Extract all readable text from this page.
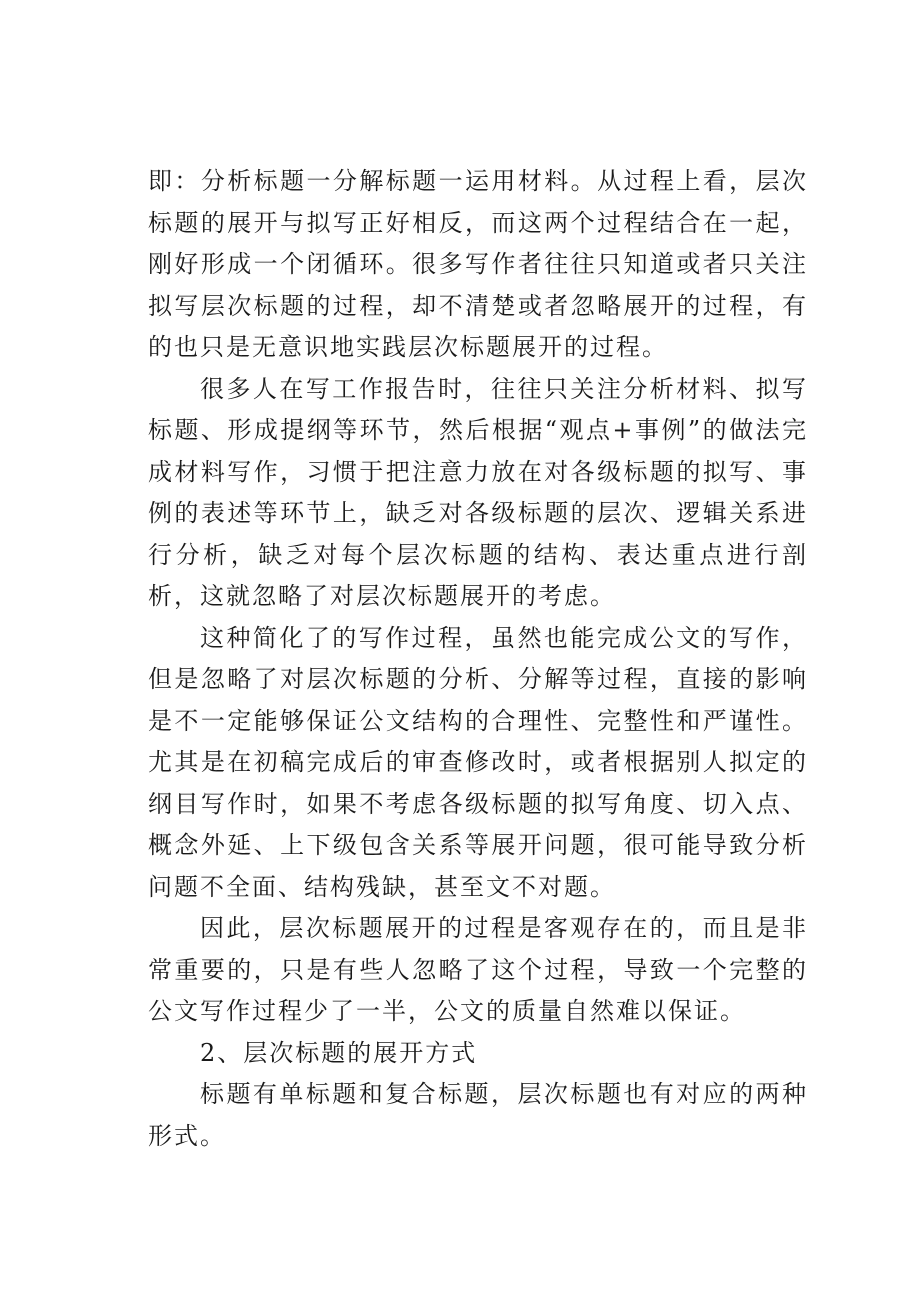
即：分析标题一分解标题一运用材料。从过程上看，层次标题的展开与拟写正好相反，而这两个过程结合在一起，刚好形成一个闭循环。很多写作者往往只知道或者只关注拟写层次标题的过程，却不清楚或者忽略展开的过程，有的也只是无意识地实践层次标题展开的过程。

很多人在写工作报告时，往往只关注分析材料、拟写标题、形成提纲等环节，然后根据“观点+事例”的做法完成材料写作，习惯于把注意力放在对各级标题的拟写、事例的表述等环节上，缺乏对各级标题的层次、逻辑关系进行分析，缺乏对每个层次标题的结构、表达重点进行剖析，这就忽略了对层次标题展开的考虑。

这种简化了的写作过程，虽然也能完成公文的写作，但是忽略了对层次标题的分析、分解等过程，直接的影响是不一定能够保证公文结构的合理性、完整性和严谨性。尤其是在初稿完成后的审查修改时，或者根据别人拟定的纲目写作时，如果不考虑各级标题的拟写角度、切入点、概念外延、上下级包含关系等展开问题，很可能导致分析问题不全面、结构残缺，甚至文不对题。

因此，层次标题展开的过程是客观存在的，而且是非常重要的，只是有些人忽略了这个过程，导致一个完整的公文写作过程少了一半，公文的质量自然难以保证。

2、层次标题的展开方式

标题有单标题和复合标题，层次标题也有对应的两种形式。
